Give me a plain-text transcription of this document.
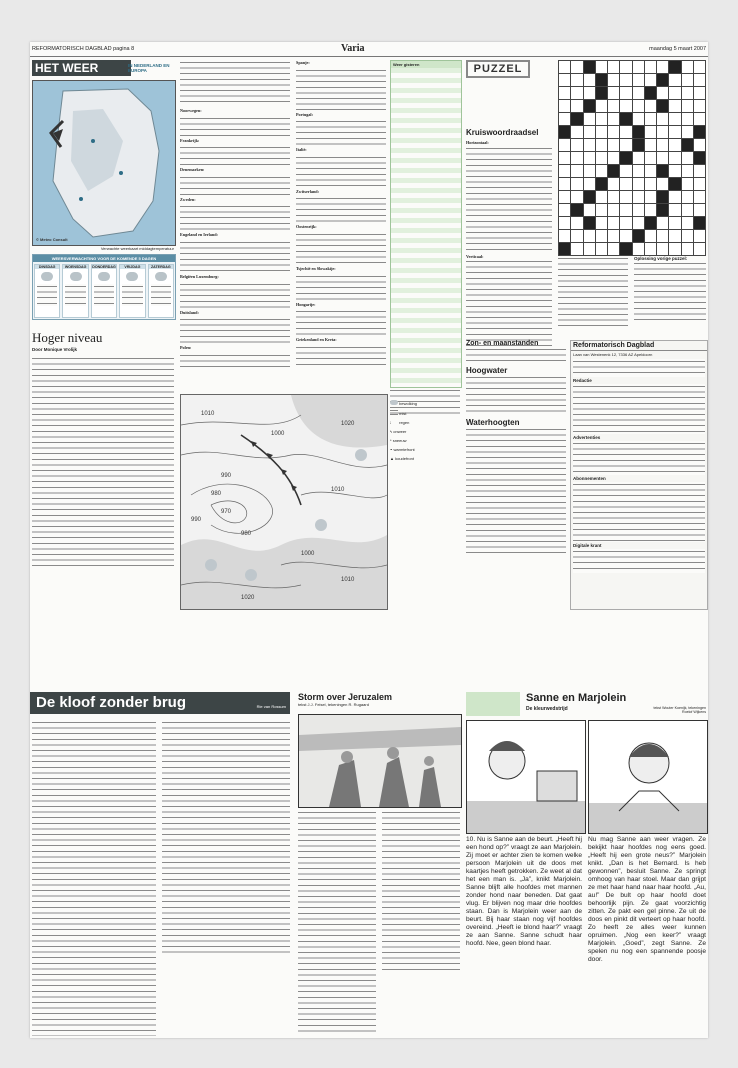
REFORMATORISCH DAGBLAD pagina 8	Varia	maandag 5 maart 2007
HET WEER	IN NEDERLAND EN EUROPA
© Meteo Consult
Verwachte weerkaart middagtemperatuur
WEERSVERWACHTING VOOR DE KOMENDE 5 DAGEN
DINSDAG	WOENSDAG	DONDERDAG	VRIJDAG	ZATERDAG
Hoger niveau
Door Monique Vrolijk

Noorwegen:

Frankrijk:

Denemarken:

Zweden:

Engeland en Ierland:

Belgiëen Luxemburg:

Duitsland:

Polen:

Spanje:

Portugal:

Italië:

Zwitserland:

Oostenrijk:

Tsjechië en Slowakije:

Hongarije:

Griekenland en Kreta:

Weer gisteren
1010
1000
1020
990
980
1010
990
980
970
1000
1010
1020
bewolking
mist
⁞ regen
ϟ onweer
* sneeuw
◓ warmtefront
▲ koudefront
PUZZEL
Kruiswoordraadsel
Horizontaal:
Verticaal:

												Oplossing vorige puzzel:
Zon- en maanstanden
Hoogwater
Waterhoogten
Reformatorisch Dagblad
Laan van Westenenk 12, 7336 AZ Apeldoorn
Redactie
Advertenties
Abonnementen
Digitale krant
De kloof zonder brug	Rie van Rossum
Storm over Jeruzalem
tekst J.J. Feisel, tekeningen R. Rugaard
Sanne en Marjolein
De kleurwedstrijd	tekst Wouter Koenijk, tekeningen Roelof Wijkens
10. Nu is Sanne aan de beurt. „Heeft hij een hond op?” vraagt ze aan Marjolein. Zij moet er achter zien te komen welke persoon Marjolein uit de doos met kaartjes heeft getrokken. Ze weet al dat het een man is. „Ja”, knikt Marjolein. Sanne blijft alle hoofdes met mannen zonder hond naar beneden. Dat gaat vlug. Er blijven nog maar drie hoofdes staan. Dan is Marjolein weer aan de beurt. Bij haar staan nog vijf hoofdes overeind. „Heeft ie blond haar?” vraagt ze aan Sanne. Sanne schudt haar hoofd. Nee, geen blond haar.
Nu mag Sanne aan weer vragen. Ze bekijkt haar hoofdes nog eens goed. „Heeft hij een grote neus?” Marjolein knikt. „Dan is het Bernard. Is heb gewonnen”, besluit Sanne. Ze springt omhoog van haar stoel. Maar dan grijpt ze met haar hand naar haar hoofd. „Au, au!” De bult op haar hoofd doet behoorlijk pijn. Ze gaat voorzichtig zitten. Ze pakt een gel pinne. Ze uit de doos en pinkt dit verteert op haar hoofd. Zo heeft ze alles weer kunnen opruimen. „Nog een keer?” vraagt Marjolein. „Goed”, zegt Sanne. Ze spelen nu nog een spannende poosje door.
